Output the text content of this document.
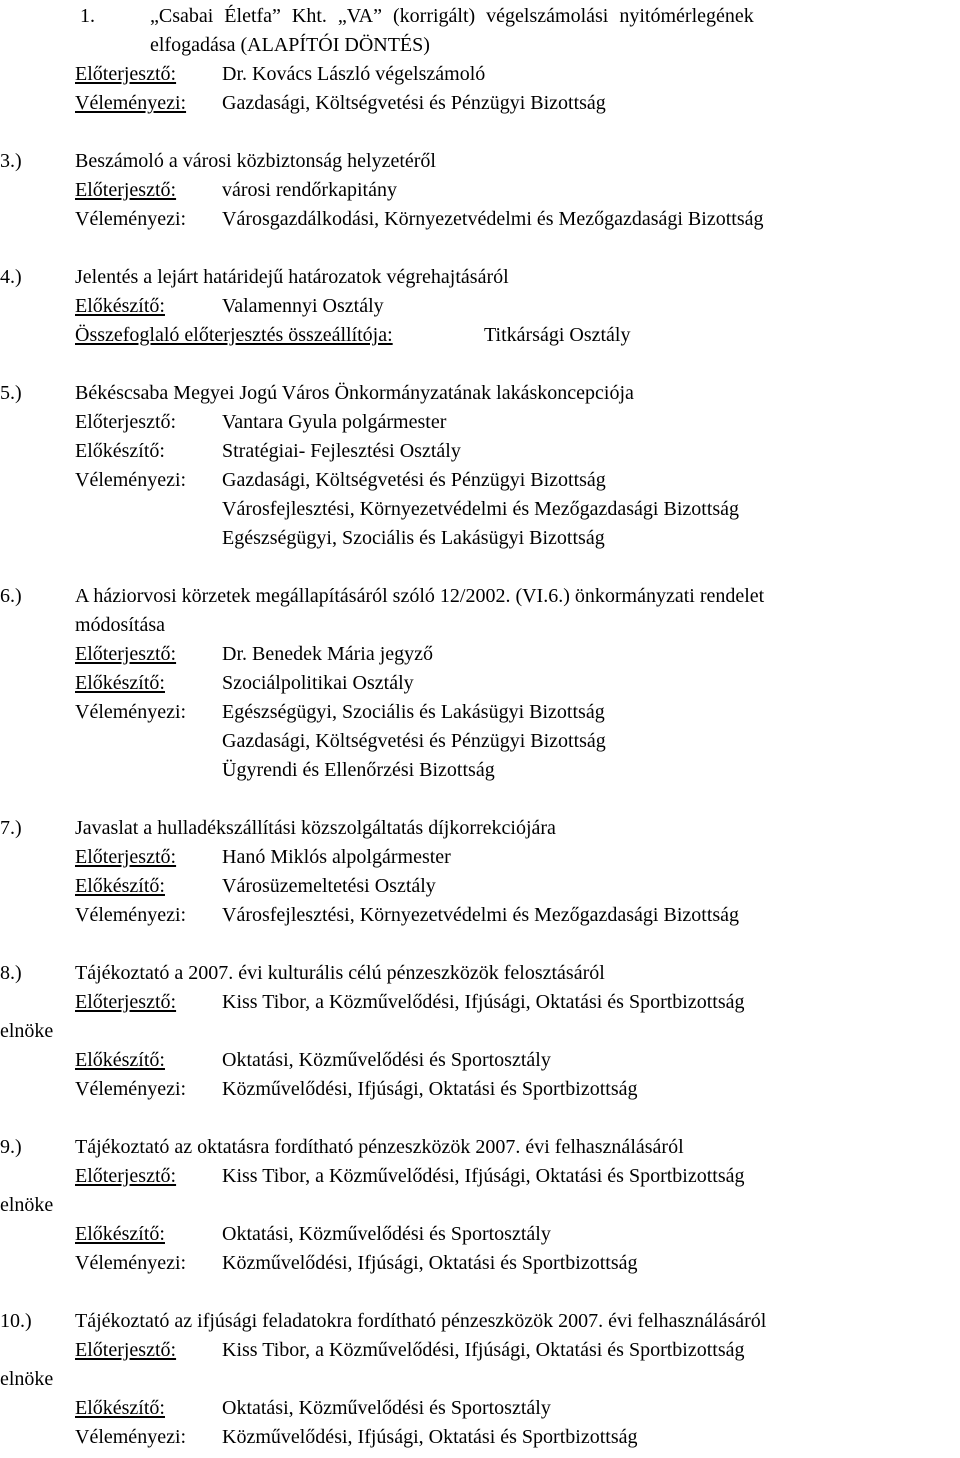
1.	„Csabai Életfa” Kht. „VA” (korrigált) végelszámolási nyitómérlegének
elfogadása (ALAPÍTÓI DÖNTÉS)
Előterjesztő: Dr. Kovács László végelszámoló
Véleményezi: Gazdasági, Költségvetési és Pénzügyi Bizottság
3.)	Beszámoló a városi közbiztonság helyzetéről
Előterjesztő: városi rendőrkapitány
Véleményezi: Városgazdálkodási, Környezetvédelmi és Mezőgazdasági Bizottság
4.)	Jelentés a lejárt határidejű határozatok végrehajtásáról
Előkészítő:	Valamennyi Osztály
Összefoglaló előterjesztés összeállítója:	Titkársági Osztály
5.)	Békéscsaba Megyei Jogú Város Önkormányzatának lakáskoncepciója
Előterjesztő: Vantara Gyula polgármester
Előkészítő:	Stratégiai- Fejlesztési Osztály
Véleményezi: Gazdasági, Költségvetési és Pénzügyi Bizottság
Városfejlesztési, Környezetvédelmi és Mezőgazdasági Bizottság
Egészségügyi, Szociális és Lakásügyi Bizottság
6.)	A háziorvosi körzetek megállapításáról szóló 12/2002. (VI.6.) önkormányzati rendelet
módosítása
Előterjesztő: Dr. Benedek Mária jegyző
Előkészítő:	Szociálpolitikai Osztály
Véleményezi: Egészségügyi, Szociális és Lakásügyi Bizottság
Gazdasági, Költségvetési és Pénzügyi Bizottság
Ügyrendi és Ellenőrzési Bizottság
7.)	Javaslat a hulladékszállítási közszolgáltatás díjkorrekciójára
Előterjesztő: Hanó Miklós alpolgármester
Előkészítő:	Városüzemeltetési Osztály
Véleményezi: Városfejlesztési, Környezetvédelmi és Mezőgazdasági Bizottság
8.)	Tájékoztató a 2007. évi kulturális célú pénzeszközök felosztásáról
Előterjesztő: Kiss Tibor, a Közművelődési, Ifjúsági, Oktatási és Sportbizottság
elnöke
Előkészítő:	Oktatási, Közművelődési és Sportosztály
Véleményezi: Közművelődési, Ifjúsági, Oktatási és Sportbizottság
9.)	Tájékoztató az oktatásra fordítható pénzeszközök 2007. évi felhasználásáról
Előterjesztő: Kiss Tibor, a Közművelődési, Ifjúsági, Oktatási és Sportbizottság
elnöke
Előkészítő:	Oktatási, Közművelődési és Sportosztály
Véleményezi: Közművelődési, Ifjúsági, Oktatási és Sportbizottság
10.) Tájékoztató az ifjúsági feladatokra fordítható pénzeszközök 2007. évi felhasználásáról
Előterjesztő: Kiss Tibor, a Közművelődési, Ifjúsági, Oktatási és Sportbizottság
elnöke
Előkészítő:	Oktatási, Közművelődési és Sportosztály
Véleményezi: Közművelődési, Ifjúsági, Oktatási és Sportbizottság
